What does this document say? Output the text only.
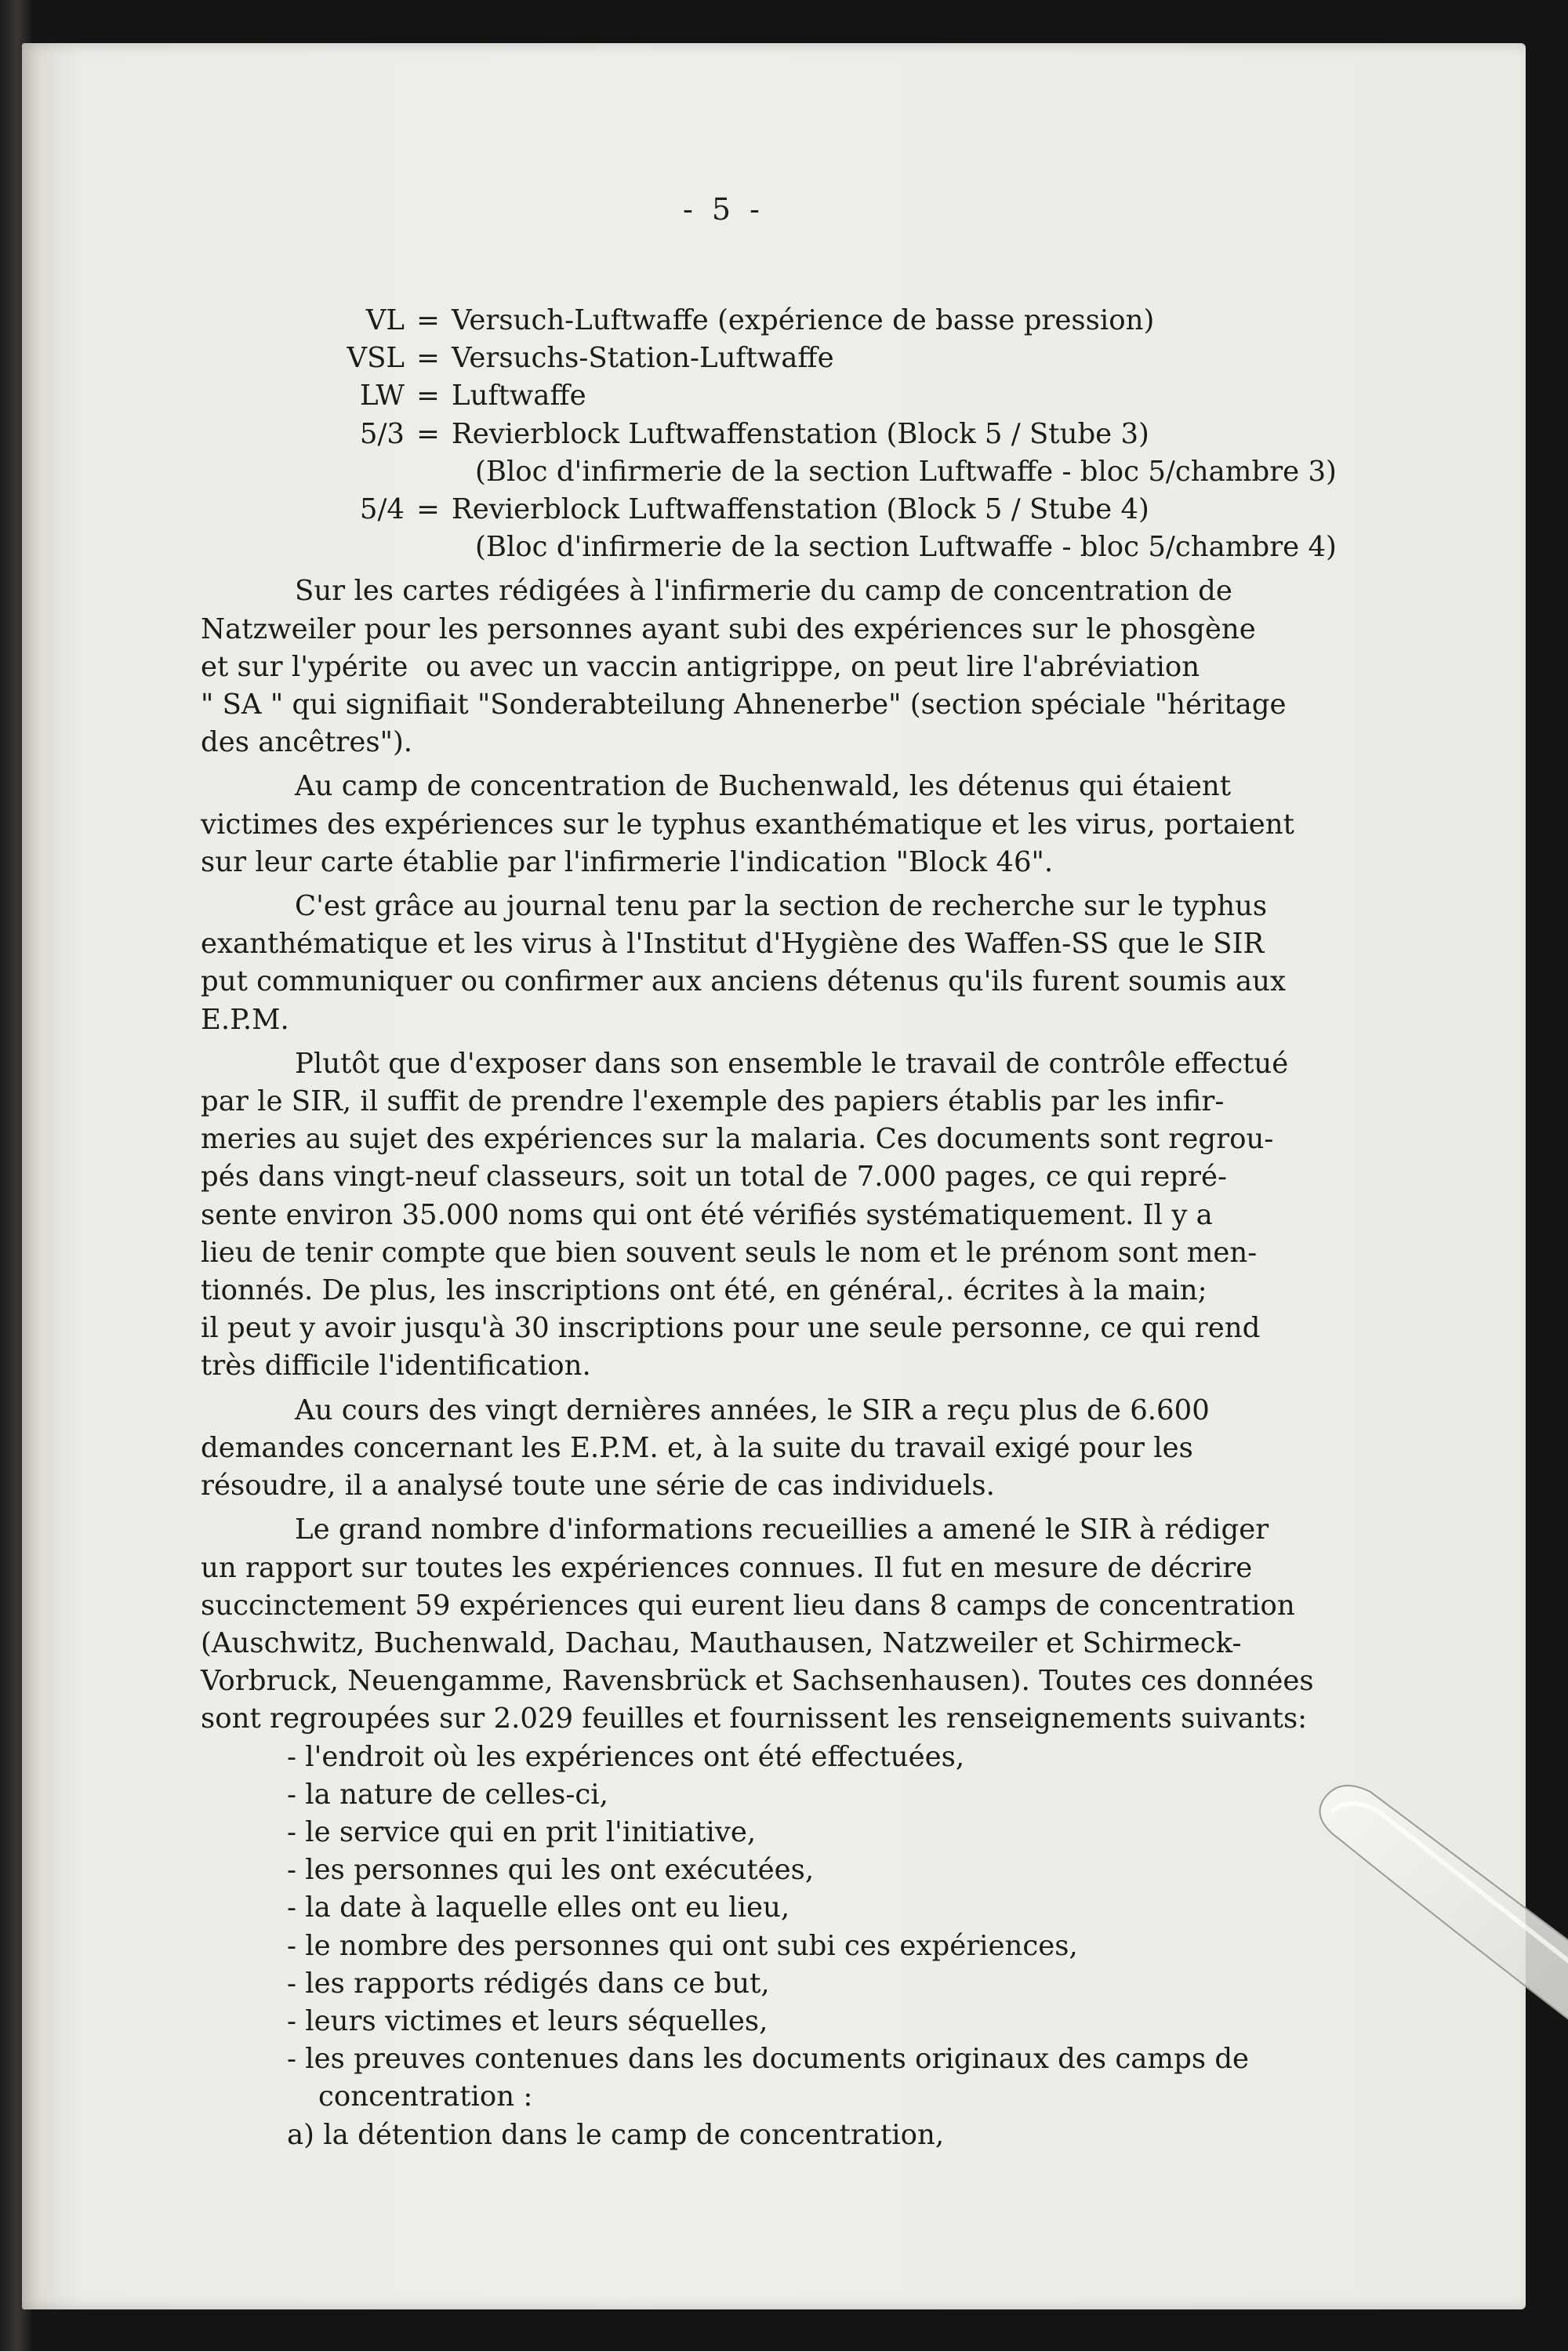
- 5 -
VL = Versuch-Luftwaffe (expérience de basse pression)
VSL = Versuchs-Station-Luftwaffe
LW = Luftwaffe
5/3 = Revierblock Luftwaffenstation (Block 5 / Stube 3)
(Bloc d'infirmerie de la section Luftwaffe - bloc 5/chambre 3)
5/4 = Revierblock Luftwaffenstation (Block 5 / Stube 4)
(Bloc d'infirmerie de la section Luftwaffe - bloc 5/chambre 4)
Sur les cartes rédigées à l'infirmerie du camp de concentration de
Natzweiler pour les personnes ayant subi des expériences sur le phosgène
et sur l'ypérite  ou avec un vaccin antigrippe, on peut lire l'abréviation
" SA " qui signifiait "Sonderabteilung Ahnenerbe" (section spéciale "héritage
des ancêtres").
Au camp de concentration de Buchenwald, les détenus qui étaient
victimes des expériences sur le typhus exanthématique et les virus, portaient
sur leur carte établie par l'infirmerie l'indication "Block 46".
C'est grâce au journal tenu par la section de recherche sur le typhus
exanthématique et les virus à l'Institut d'Hygiène des Waffen-SS que le SIR
put communiquer ou confirmer aux anciens détenus qu'ils furent soumis aux
E.P.M.
Plutôt que d'exposer dans son ensemble le travail de contrôle effectué
par le SIR, il suffit de prendre l'exemple des papiers établis par les infir-
meries au sujet des expériences sur la malaria. Ces documents sont regrou-
pés dans vingt-neuf classeurs, soit un total de 7.000 pages, ce qui repré-
sente environ 35.000 noms qui ont été vérifiés systématiquement. Il y a
lieu de tenir compte que bien souvent seuls le nom et le prénom sont men-
tionnés. De plus, les inscriptions ont été, en général,. écrites à la main;
il peut y avoir jusqu'à 30 inscriptions pour une seule personne, ce qui rend
très difficile l'identification.
Au cours des vingt dernières années, le SIR a reçu plus de 6.600
demandes concernant les E.P.M. et, à la suite du travail exigé pour les
résoudre, il a analysé toute une série de cas individuels.
Le grand nombre d'informations recueillies a amené le SIR à rédiger
un rapport sur toutes les expériences connues. Il fut en mesure de décrire
succinctement 59 expériences qui eurent lieu dans 8 camps de concentration
(Auschwitz, Buchenwald, Dachau, Mauthausen, Natzweiler et Schirmeck-
Vorbruck, Neuengamme, Ravensbrück et Sachsenhausen). Toutes ces données
sont regroupées sur 2.029 feuilles et fournissent les renseignements suivants:
- l'endroit où les expériences ont été effectuées,
- la nature de celles-ci,
- le service qui en prit l'initiative,
- les personnes qui les ont exécutées,
- la date à laquelle elles ont eu lieu,
- le nombre des personnes qui ont subi ces expériences,
- les rapports rédigés dans ce but,
- leurs victimes et leurs séquelles,
- les preuves contenues dans les documents originaux des camps de
concentration :
a) la détention dans le camp de concentration,
